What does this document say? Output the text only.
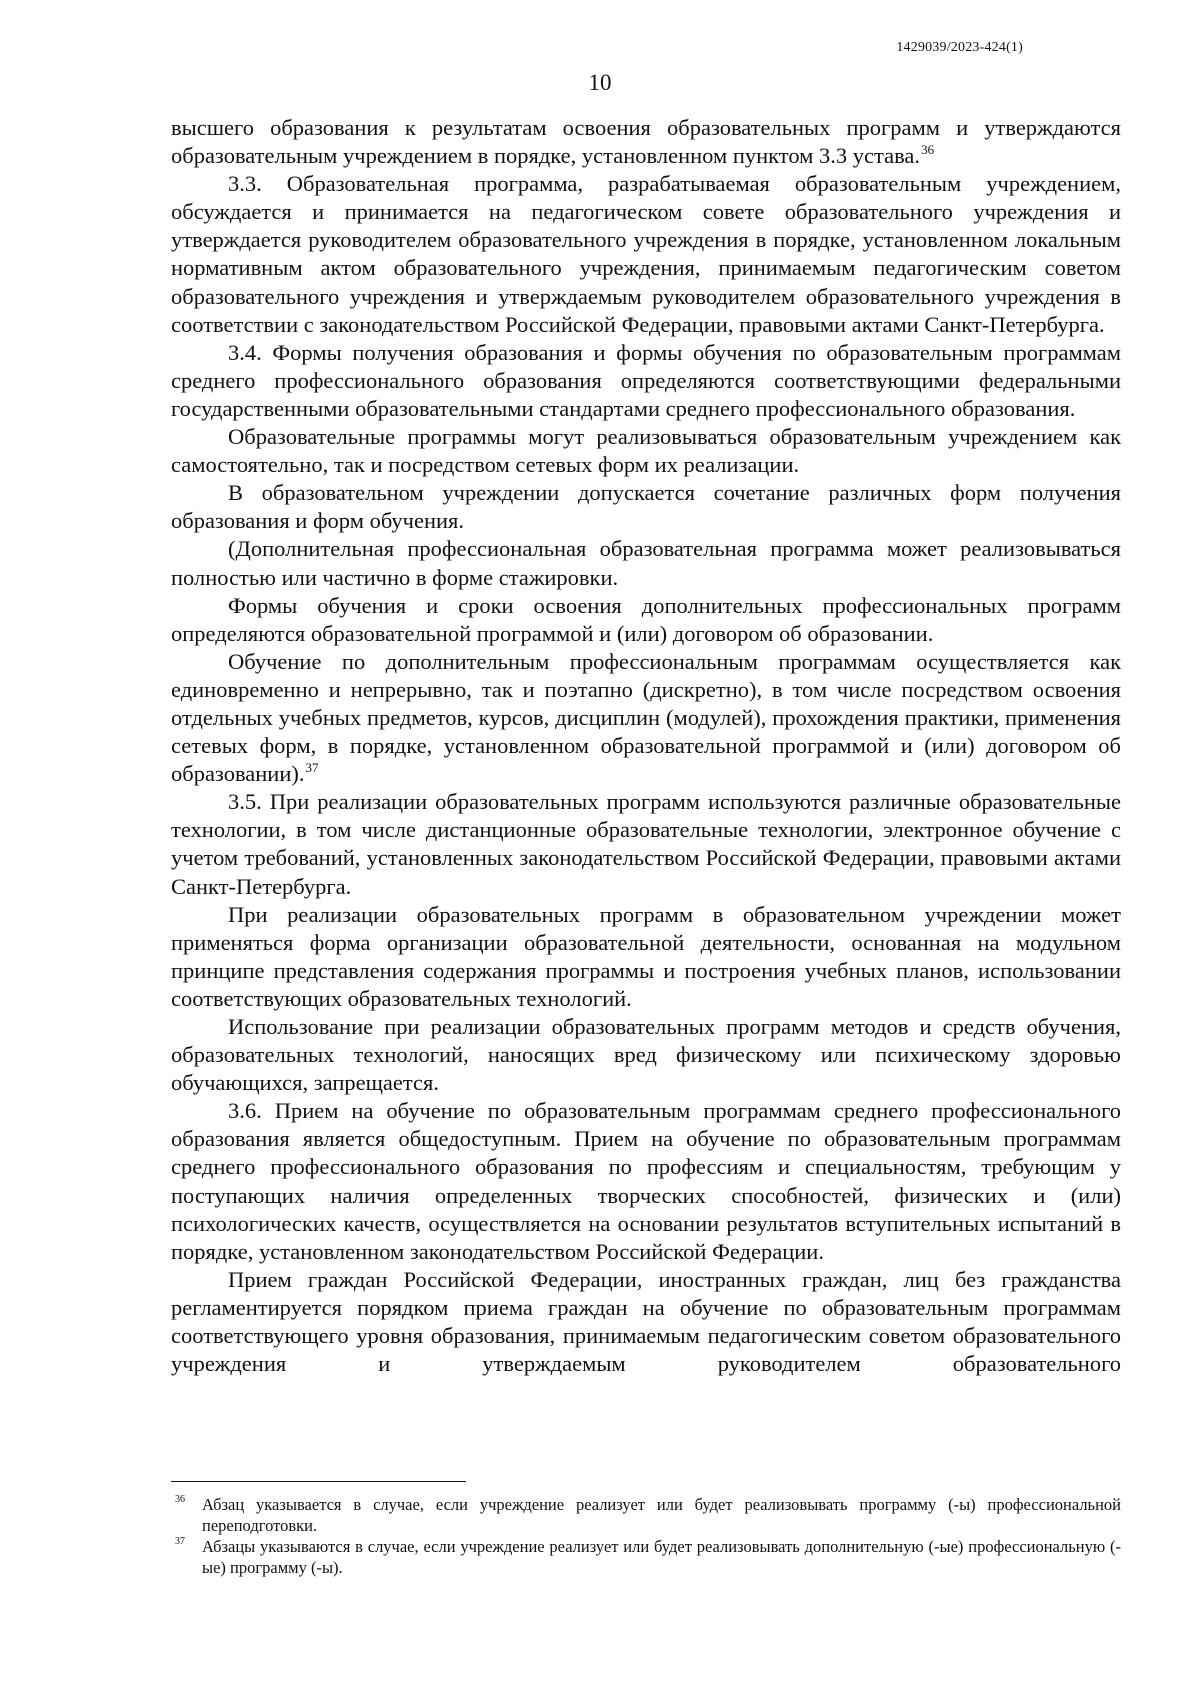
1429039/2023-424(1)
10

высшего образования к результатам освоения образовательных программ и утверждаются образовательным учреждением в порядке, установленном пунктом 3.3 устава.$^{36}$

3.3. Образовательная программа, разрабатываемая образовательным учреждением, обсуждается и принимается на педагогическом совете образовательного учреждения и утверждается руководителем образовательного учреждения в порядке, установленном локальным нормативным актом образовательного учреждения, принимаемым педагогическим советом образовательного учреждения и утверждаемым руководителем образовательного учреждения в соответствии с законодательством Российской Федерации, правовыми актами Санкт-Петербурга.

3.4. Формы получения образования и формы обучения по образовательным программам среднего профессионального образования определяются соответствующими федеральными государственными образовательными стандартами среднего профессионального образования.

Образовательные программы могут реализовываться образовательным учреждением как самостоятельно, так и посредством сетевых форм их реализации.

В образовательном учреждении допускается сочетание различных форм получения образования и форм обучения.

(Дополнительная профессиональная образовательная программа может реализовываться полностью или частично в форме стажировки.

Формы обучения и сроки освоения дополнительных профессиональных программ определяются образовательной программой и (или) договором об образовании.

Обучение по дополнительным профессиональным программам осуществляется как единовременно и непрерывно, так и поэтапно (дискретно), в том числе посредством освоения отдельных учебных предметов, курсов, дисциплин (модулей), прохождения практики, применения сетевых форм, в порядке, установленном образовательной программой и (или) договором об образовании).$^{37}$

3.5. При реализации образовательных программ используются различные образовательные технологии, в том числе дистанционные образовательные технологии, электронное обучение с учетом требований, установленных законодательством Российской Федерации, правовыми актами Санкт-Петербурга.

При реализации образовательных программ в образовательном учреждении может применяться форма организации образовательной деятельности, основанная на модульном принципе представления содержания программы и построения учебных планов, использовании соответствующих образовательных технологий.

Использование при реализации образовательных программ методов и средств обучения, образовательных технологий, наносящих вред физическому или психическому здоровью обучающихся, запрещается.

3.6. Прием на обучение по образовательным программам среднего профессионального образования является общедоступным. Прием на обучение по образовательным программам среднего профессионального образования по профессиям и специальностям, требующим у поступающих наличия определенных творческих способностей, физических и (или) психологических качеств, осуществляется на основании результатов вступительных испытаний в порядке, установленном законодательством Российской Федерации.

Прием граждан Российской Федерации, иностранных граждан, лиц без гражданства регламентируется порядком приема граждан на обучение по образовательным программам соответствующего уровня образования, принимаемым педагогическим советом образовательного учреждения и утверждаемым руководителем образовательного

36 Абзац указывается в случае, если учреждение реализует или будет реализовывать программу (-ы) профессиональной переподготовки.
37 Абзацы указываются в случае, если учреждение реализует или будет реализовывать дополнительную (-ые) профессиональную (-ые) программу (-ы).
